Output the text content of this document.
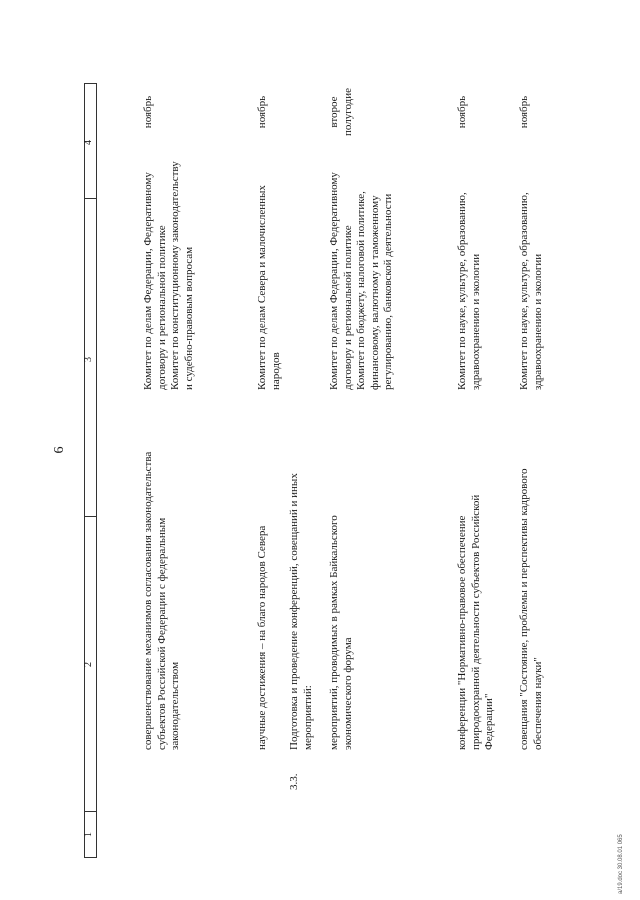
6
1
2
3
4
совершенствование механизмов согласования законодательства субъектов Российской Федерации с федеральным законодательством
Комитет по делам Федерации, Федеративному договору и региональной политике
Комитет по конституционному законодательству и судебно-правовым вопросам
ноябрь
научные достижения – на благо народов Севера
Комитет по делам Севера и малочисленных народов
ноябрь
3.3.
Подготовка и проведение конференций, совещаний и иных мероприятий: мероприятий, проводимых в рамках Байкальского экономического форума
Комитет по делам Федерации, Федеративному договору и региональной политике
Комитет по бюджету, налоговой политике, финансовому, валютному и таможенному регулированию, банковской деятельности
второе полугодие
конференции "Нормативно-правовое обеспечение природоохранной деятельности субъектов Российской Федерации"
Комитет по науке, культуре, образованию, здравоохранению и экологии
ноябрь
совещания "Состояние, проблемы и перспективы кадрового обеспечения науки"
Комитет по науке, культуре, образованию, здравоохранению и экологии
ноябрь
а/19.doc 30.08.01 065
